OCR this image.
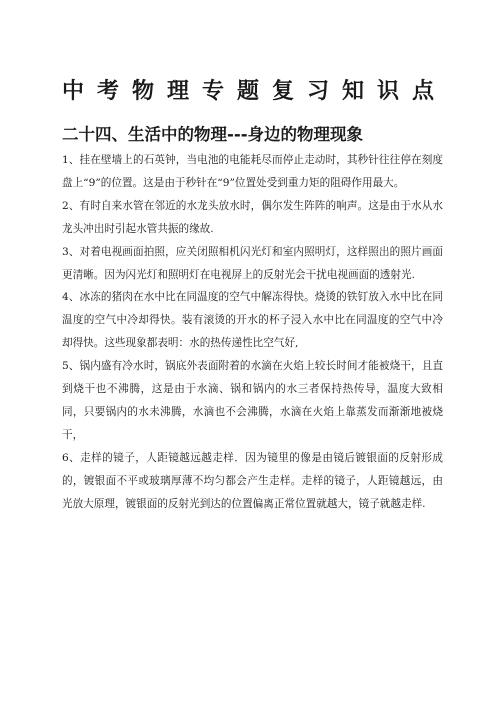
中考物理专题复习知识点
二十四、生活中的物理---身边的物理现象

1、挂在壁墙上的石英钟，当电池的电能耗尽而停止走动时，其秒针往往停在刻度盘上“9”的位置。这是由于秒针在“9”位置处受到重力矩的阻碍作用最大。

2、有时自来水管在邻近的水龙头放水时，偶尔发生阵阵的响声。这是由于水从水龙头冲出时引起水管共振的缘故.

3、对着电视画面拍照，应关闭照相机闪光灯和室内照明灯，这样照出的照片画面更清晰。因为闪光灯和照明灯在电视屏上的反射光会干扰电视画面的透射光.

4、冰冻的猪肉在水中比在同温度的空气中解冻得快。烧烫的铁钉放入水中比在同温度的空气中冷却得快。装有滚烫的开水的杯子浸入水中比在同温度的空气中冷却得快。这些现象都表明：水的热传递性比空气好,

5、锅内盛有冷水时，锅底外表面附着的水滴在火焰上较长时间才能被烧干，且直到烧干也不沸腾，这是由于水滴、锅和锅内的水三者保持热传导，温度大致相同，只要锅内的水未沸腾，水滴也不会沸腾，水滴在火焰上靠蒸发而渐渐地被烧干，

6、走样的镜子，人距镜越远越走样．因为镜里的像是由镜后镀银面的反射形成的，镀银面不平或玻璃厚薄不均匀都会产生走样。走样的镜子，人距镜越远，由光放大原理，镀银面的反射光到达的位置偏离正常位置就越大，镜子就越走样.
